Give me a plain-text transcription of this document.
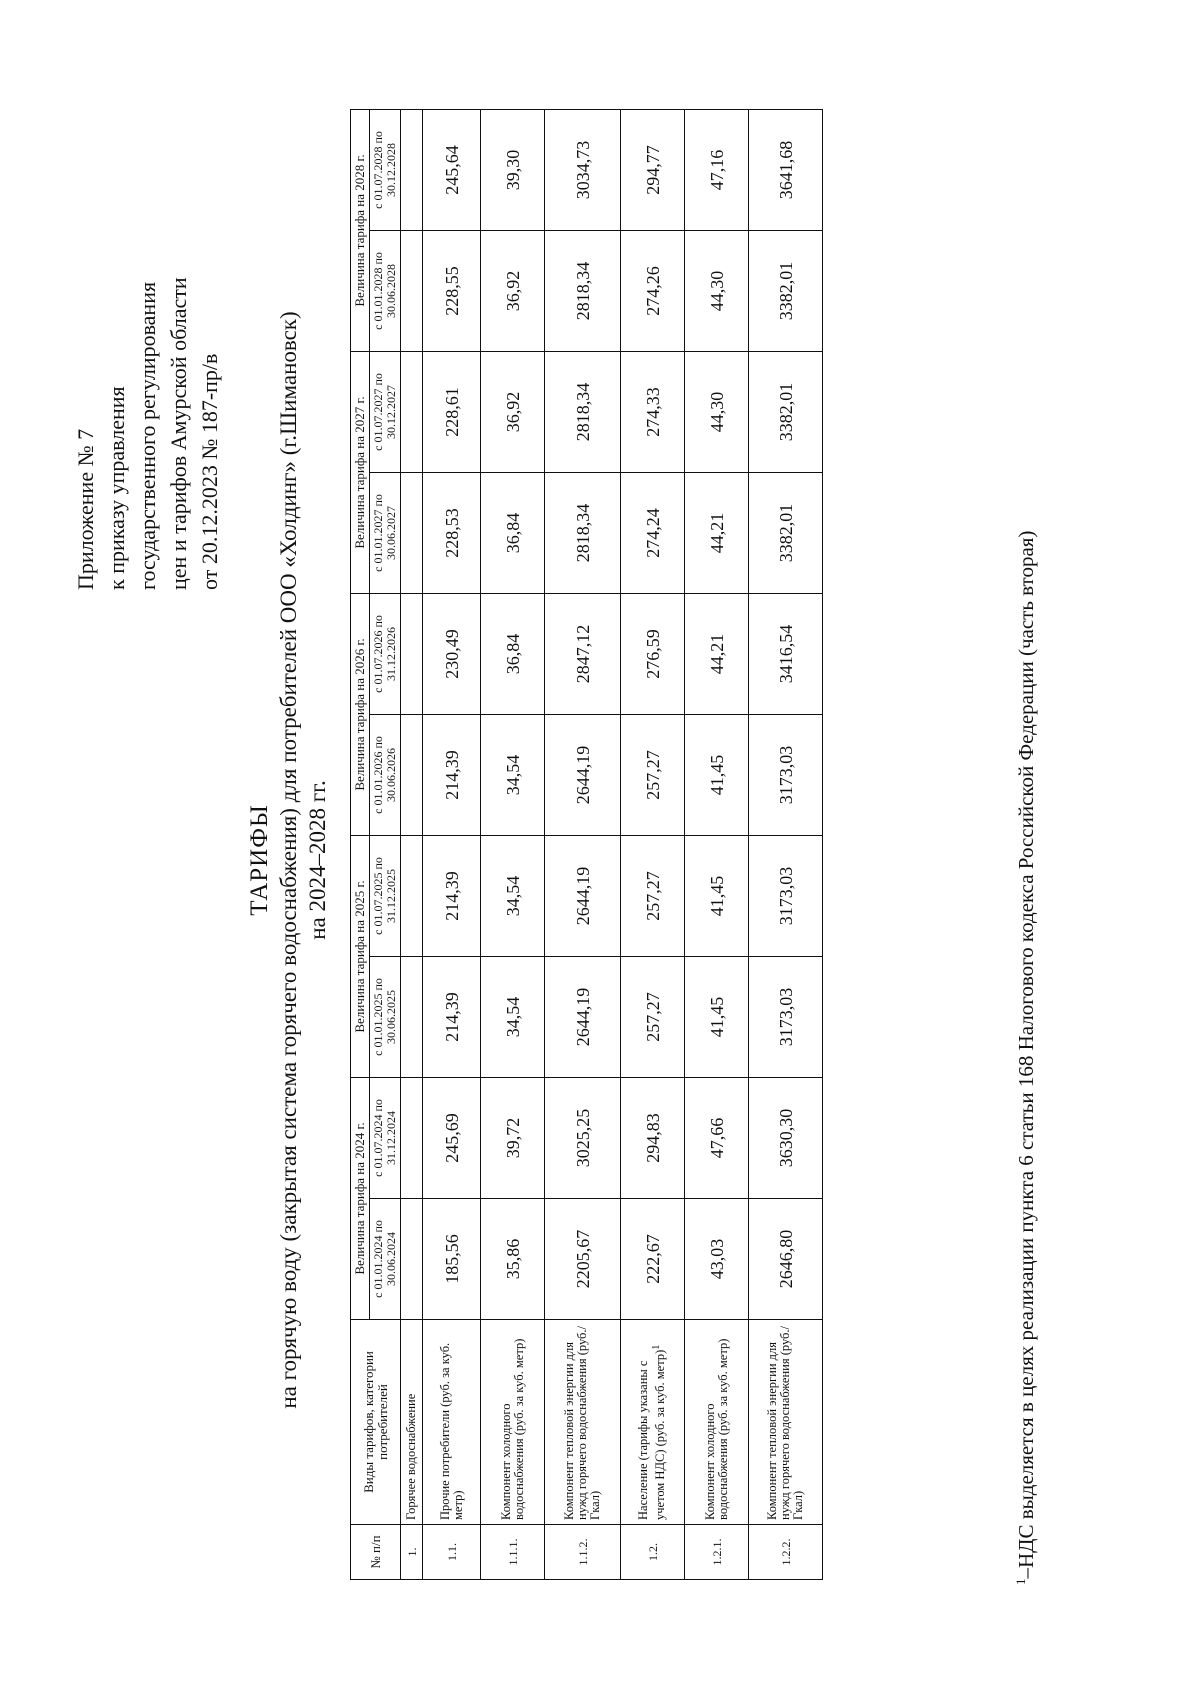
Приложение № 7 к приказу управления государственного регулирования цен и тарифов Амурской области от 20.12.2023 № 187-пр/в
ТАРИФЫ на горячую воду (закрытая система горячего водоснабжения) для потребителей ООО «Холдинг» (г.Шимановск) на 2024–2028 гг.
№ п/п	Виды тарифов, категории потребителей	Величина тарифа на 2024 г.		Величина тарифа на 2025 г.		Величина тарифа на 2026 г.		Величина тарифа на 2027 г.		Величина тарифа на 2028 г.	
		с 01.01.2024 по 30.06.2024	с 01.07.2024 по 31.12.2024	с 01.01.2025 по 30.06.2025	с 01.07.2025 по 31.12.2025	с 01.01.2026 по 30.06.2026	с 01.07.2026 по 31.12.2026	с 01.01.2027 по 30.06.2027	с 01.07.2027 по 30.12.2027	с 01.01.2028 по 30.06.2028	с 01.07.2028 по 30.12.2028
1.	Горячее водоснабжение										
1.1.	Прочие потребители (руб. за куб. метр)	185,56	245,69	214,39	214,39	214,39	230,49	228,53	228,61	228,55	245,64
1.1.1.	Компонент холодного водоснабжения (руб. за куб. метр)	35,86	39,72	34,54	34,54	34,54	36,84	36,84	36,92	36,92	39,30
1.1.2.	Компонент тепловой энергии для нужд горячего водоснабжения (руб./Гкал)	2205,67	3025,25	2644,19	2644,19	2644,19	2847,12	2818,34	2818,34	2818,34	3034,73
1.2.	Население (тарифы указаны с учетом НДС) (руб. за куб. метр)$^1$	222,67	294,83	257,27	257,27	257,27	276,59	274,24	274,33	274,26	294,77
1.2.1.	Компонент холодного водоснабжения (руб. за куб. метр)	43,03	47,66	41,45	41,45	41,45	44,21	44,21	44,30	44,30	47,16
1.2.2.	Компонент тепловой энергии для нужд горячего водоснабжения (руб./Гкал)	2646,80	3630,30	3173,03	3173,03	3173,03	3416,54	3382,01	3382,01	3382,01	3641,68
$^1$–НДС выделяется в целях реализации пункта 6 статьи 168 Налогового кодекса Российской Федерации (часть вторая)
